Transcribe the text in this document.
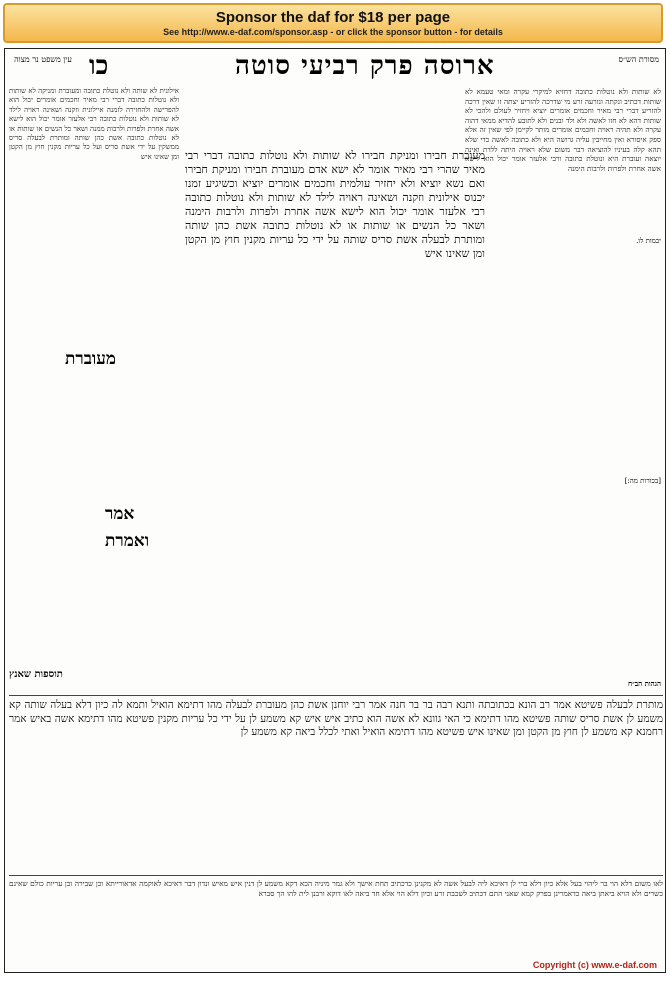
Sponsor the daf for $18 per page
See http://www.e-daf.com/sponsor.asp - or click the sponsor button - for details
עין משפט נר מצוה כו	ארוסה פרק רביעי סוטה	מסורת הש״ס
לא שותות ולא נוטלות כתובה דחזיא למיקרי עקרה ומאי טעמא לא שותות דכתיב ונקתה ונזרעה זרע מי שדרכה להזריע יצתה זו שאין דרכה להזריע דברי רבי מאיר וחכמים אומרים יוציא ויחזיר לעולם ולהכי לא שותות דהא לא חזו לאשה ולא ולד ובנים ולא לתובע להדיא ממאי דהוה עקרה ולא תהיה ראויה וחכמים אומרים מותר לקיימן לפי שאין זה אלא ספק איסורא ואין מחייבין עליה גרושה היא ולא כתובה לאשה כדי שלא תהא קלה בעיניו להוציאה דבר משום שלא ראויה היתה ללדת ואינה יוצאה ועוברת היא ונוטלת כתובה ורבי אלעזר אומר יכול הוא לישא אשה אחרת ולפרות ולרבות הימנה
אילונית לא שותה ולא נוטלת כתובה ומעוברת ומניקה לא שותות ולא נוטלות כתובה דברי רבי מאיר וחכמים אומרים יכול הוא להפרישה ולהחזירה לזמנה איילונית וזקנה ושאינה ראויה לילד לא שותות ולא נוטלות כתובה רבי אלעזר אומר יכול הוא לישא אשה אחרת ולפרות ולרבות ממנה ושאר כל הנשים או שותות או לא נוטלות כתובה אשת כהן שותה ומותרת לבעלה סריס ממשקין על ידי אשת סריס ועל כל עריות מקנין חוץ מן הקטן ומן שאינו איש מעוברת חבירו ומניקת חבירו לא שותות ולא נוטלות כתובה דברי רבי מאיר שהרי רבי מאיר אומר לא ישא אדם מעוברת חבירו ומניקת חבירו ואם נשא יוציא ולא יחזיר עולמית וחכמים אומרים יוציא וכשיגיע זמנו יכנוס אילונית וזקנה ושאינה ראויה לילד לא שותות ולא נוטלות כתובה רבי אלעזר אומר יכול הוא לישא אשה אחרת ולפרות ולרבות הימנה ושאר כל הנשים או שותות או לא נוטלות כתובה אשת כהן שותה ומותרת לבעלה אשת סריס שותה על ידי כל עריות מקנין חוץ מן הקטן ומן שאינו איש
יבמות לו.
[בכורות מה:]
תוספות שאנץ
מעוברת
אמר
ואמרת
הגהות הב״ח
מותרת לבעלה פשיטא אמר רב הונא בכתובתה ותנא רבה בר בר חנה אמר רבי יוחנן אשת כהן מעוברת לבעלה מהו דתימא הואיל ותמא לה כיון דלא בעלה שותה קא משמע לן אשת סריס שותה פשיטא מהו דתימא כי האי גוונא לא אשה הוא כתיב איש איש קא משמע לן על ידי כל עריות מקנין פשיטא מהו דתימא אשה באיש אמר רחמנא קא משמע לן חוץ מן הקטן ומן שאינו איש פשיטא מהו דתימא הואיל ואתי לכלל ביאה קא משמע לן
לאו משום דלא הוי בר ליהוי בעל אלא כיון דלא ברי לן דאיכא ליה לבעל אשה לא מקנינן כדכתיב תחת אישך ולא גמר מיניה הכא דקא משמע לן דנין איש מאיש ונדון דבר דאיכא לאוקמה אדאורייתא וכן שבירה וכן עריות כולם שאינם כשרים ולא הויא ביאתן ביאה כדאמרינן בפרק קמא שאני התם דכתיב לשכבת זרע וכיון דלא הוי אלא חד ביאה לאו דוקא ורבנן לית להו הך סברא
Copyright (c) www.e-daf.com
